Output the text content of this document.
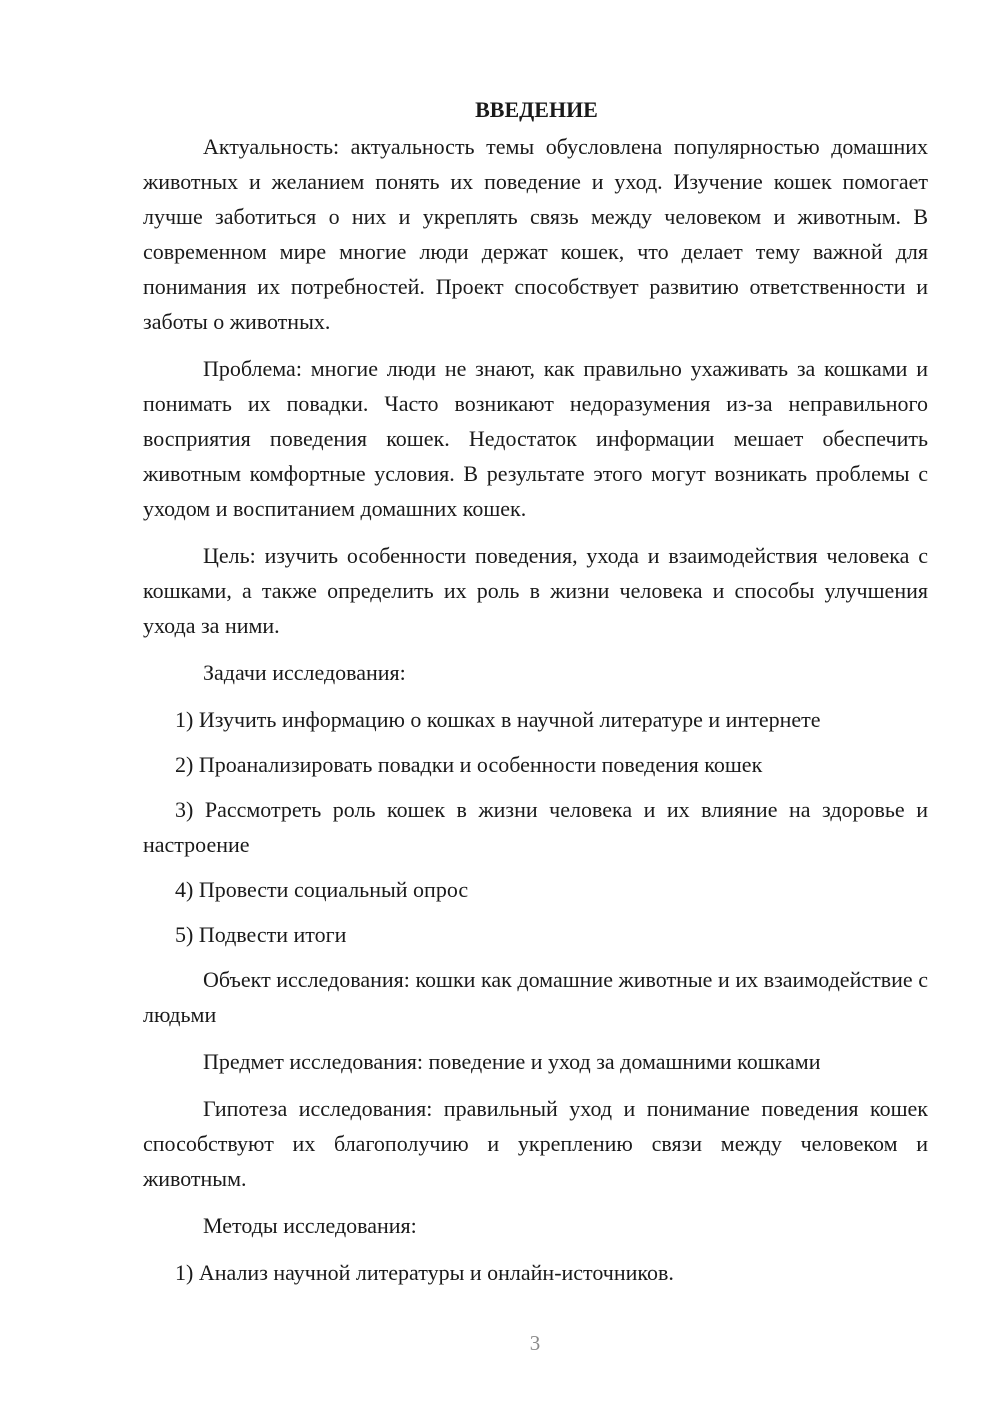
ВВЕДЕНИЕ

Актуальность: актуальность темы обусловлена популярностью домашних животных и желанием понять их поведение и уход. Изучение кошек помогает лучше заботиться о них и укреплять связь между человеком и животным. В современном мире многие люди держат кошек, что делает тему важной для понимания их потребностей. Проект способствует развитию ответственности и заботы о животных.

Проблема: многие люди не знают, как правильно ухаживать за кошками и понимать их повадки. Часто возникают недоразумения из-за неправильного восприятия поведения кошек. Недостаток информации мешает обеспечить животным комфортные условия. В результате этого могут возникать проблемы с уходом и воспитанием домашних кошек.

Цель: изучить особенности поведения, ухода и взаимодействия человека с кошками, а также определить их роль в жизни человека и способы улучшения ухода за ними.

Задачи исследования:

1) Изучить информацию о кошках в научной литературе и интернете

2) Проанализировать повадки и особенности поведения кошек

3) Рассмотреть роль кошек в жизни человека и их влияние на здоровье и настроение

4) Провести социальный опрос

5) Подвести итоги

Объект исследования: кошки как домашние животные и их взаимодействие с людьми

Предмет исследования: поведение и уход за домашними кошками

Гипотеза исследования: правильный уход и понимание поведения кошек способствуют их благополучию и укреплению связи между человеком и животным.

Методы исследования:

1) Анализ научной литературы и онлайн-источников.

3
